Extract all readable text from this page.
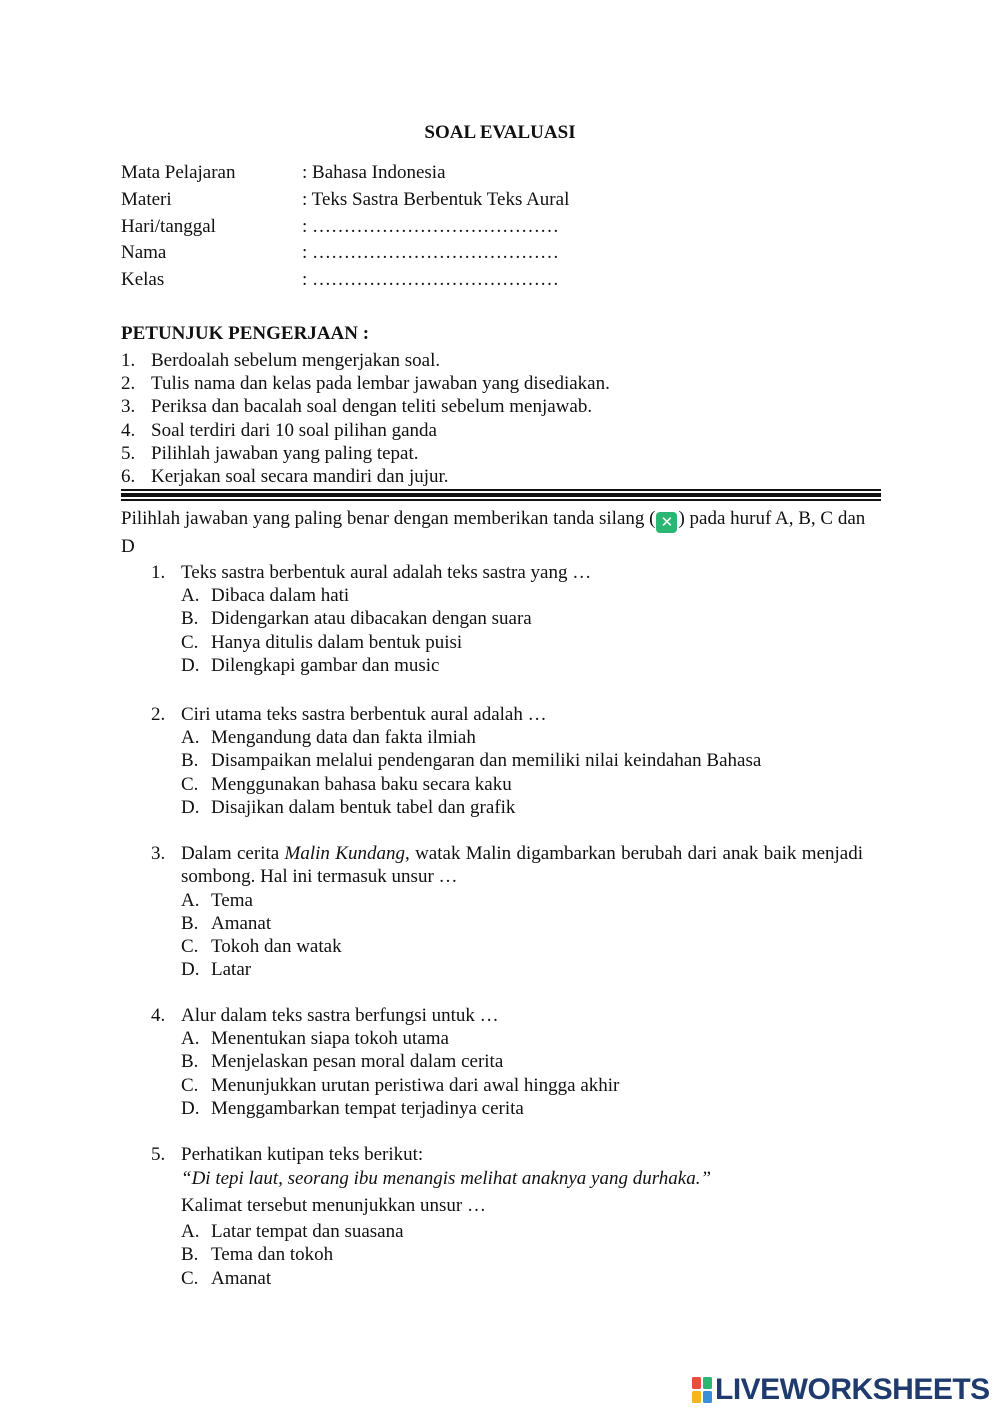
SOAL EVALUASI
Mata Pelajaran	: Bahasa Indonesia
Materi	: Teks Sastra Berbentuk Teks Aural
Hari/tanggal	: …………………………………
Nama	: …………………………………
Kelas	: …………………………………
PETUNJUK PENGERJAAN :
1. Berdoalah sebelum mengerjakan soal.
2. Tulis nama dan kelas pada lembar jawaban yang disediakan.
3. Periksa dan bacalah soal dengan teliti sebelum menjawab.
4. Soal terdiri dari 10 soal pilihan ganda
5. Pilihlah jawaban yang paling tepat.
6. Kerjakan soal secara mandiri dan jujur.
Pilihlah jawaban yang paling benar dengan memberikan tanda silang ( ✕ ) pada huruf A, B, C dan D
1. Teks sastra berbentuk aural adalah teks sastra yang …
A. Dibaca dalam hati
B. Didengarkan atau dibacakan dengan suara
C. Hanya ditulis dalam bentuk puisi
D. Dilengkapi gambar dan music
2. Ciri utama teks sastra berbentuk aural adalah …
A. Mengandung data dan fakta ilmiah
B. Disampaikan melalui pendengaran dan memiliki nilai keindahan Bahasa
C. Menggunakan bahasa baku secara kaku
D. Disajikan dalam bentuk tabel dan grafik
3. Dalam cerita Malin Kundang, watak Malin digambarkan berubah dari anak baik menjadi sombong. Hal ini termasuk unsur …
A. Tema
B. Amanat
C. Tokoh dan watak
D. Latar
4. Alur dalam teks sastra berfungsi untuk …
A. Menentukan siapa tokoh utama
B. Menjelaskan pesan moral dalam cerita
C. Menunjukkan urutan peristiwa dari awal hingga akhir
D. Menggambarkan tempat terjadinya cerita
5. Perhatikan kutipan teks berikut:
“Di tepi laut, seorang ibu menangis melihat anaknya yang durhaka.”
Kalimat tersebut menunjukkan unsur …
A. Latar tempat dan suasana
B. Tema dan tokoh
C. Amanat
LIVEWORKSHEETS
